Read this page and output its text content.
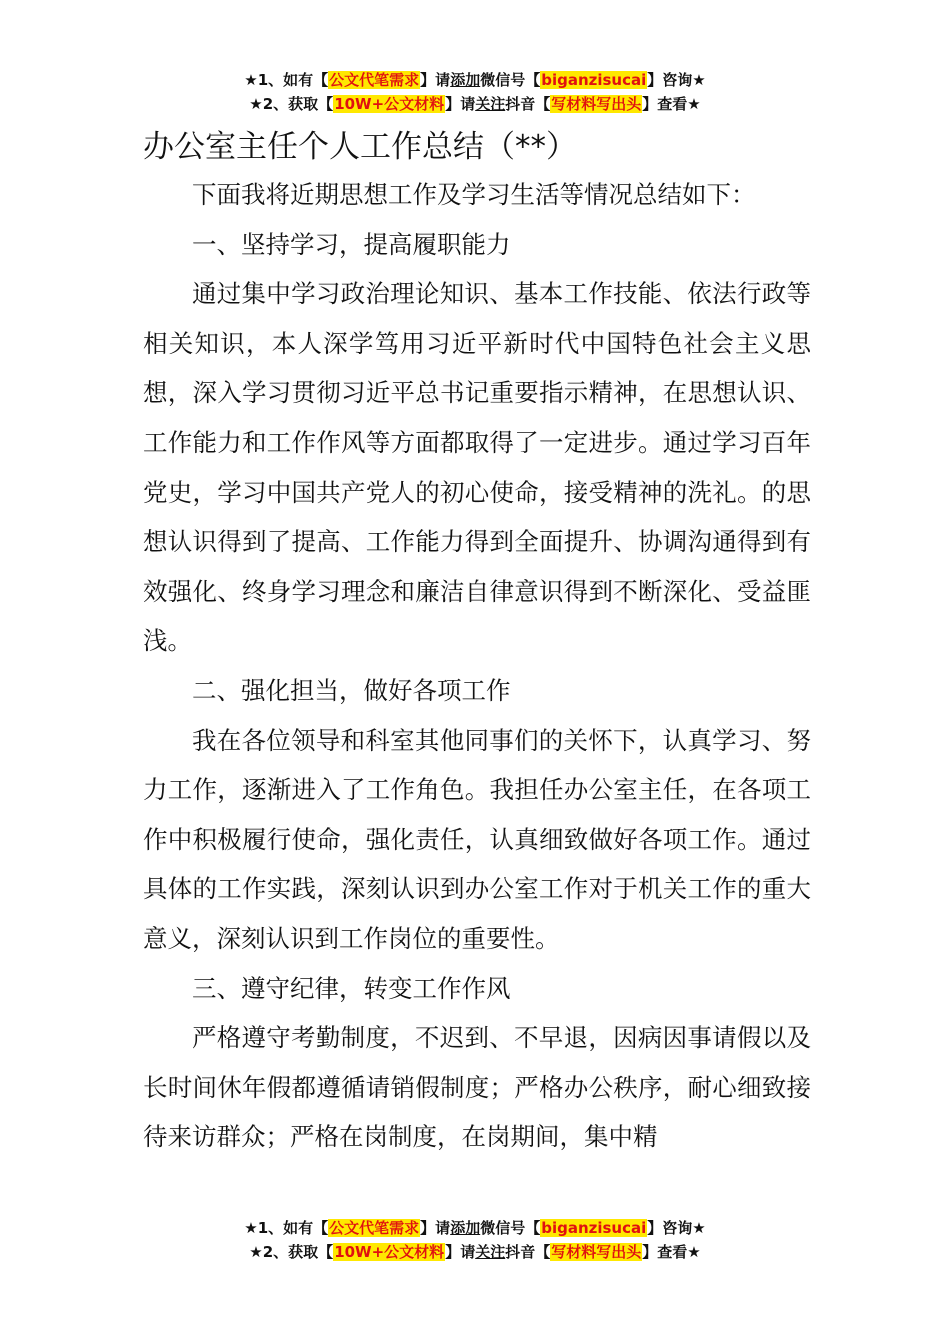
★1、如有【公文代笔需求】请添加微信号【biganzisucai】咨询★
★2、获取【10W+公文材料】请关注抖音【写材料写出头】查看★
办公室主任个人工作总结（**）

下面我将近期思想工作及学习生活等情况总结如下：

一、坚持学习，提高履职能力

通过集中学习政治理论知识、基本工作技能、依法行政等相关知识，本人深学笃用习近平新时代中国特色社会主义思想，深入学习贯彻习近平总书记重要指示精神，在思想认识、工作能力和工作作风等方面都取得了一定进步。通过学习百年党史，学习中国共产党人的初心使命，接受精神的洗礼。的思想认识得到了提高、工作能力得到全面提升、协调沟通得到有效强化、终身学习理念和廉洁自律意识得到不断深化、受益匪浅。

二、强化担当，做好各项工作

我在各位领导和科室其他同事们的关怀下，认真学习、努力工作，逐渐进入了工作角色。我担任办公室主任，在各项工作中积极履行使命，强化责任，认真细致做好各项工作。通过具体的工作实践，深刻认识到办公室工作对于机关工作的重大意义，深刻认识到工作岗位的重要性。

三、遵守纪律，转变工作作风

严格遵守考勤制度，不迟到、不早退，因病因事请假以及长时间休年假都遵循请销假制度；严格办公秩序，耐心细致接待来访群众；严格在岗制度，在岗期间，集中精

★1、如有【公文代笔需求】请添加微信号【biganzisucai】咨询★
★2、获取【10W+公文材料】请关注抖音【写材料写出头】查看★
